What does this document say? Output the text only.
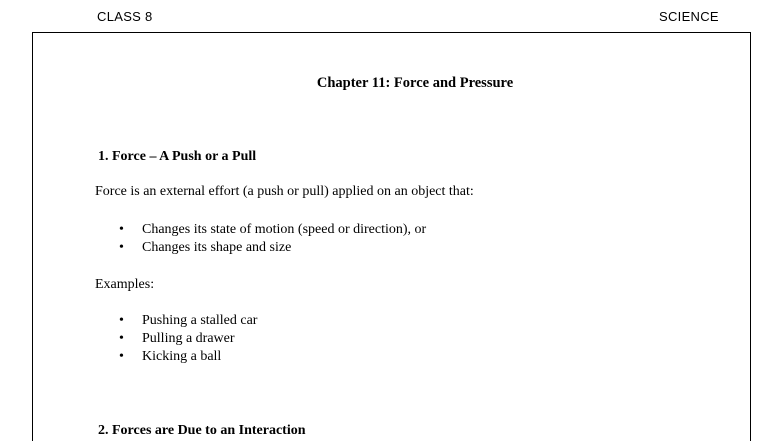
CLASS 8	SCIENCE
Chapter 11: Force and Pressure
1. Force – A Push or a Pull
Force is an external effort (a push or pull) applied on an object that:
• Changes its state of motion (speed or direction), or
• Changes its shape and size
Examples:
• Pushing a stalled car
• Pulling a drawer
• Kicking a ball
2. Forces are Due to an Interaction
